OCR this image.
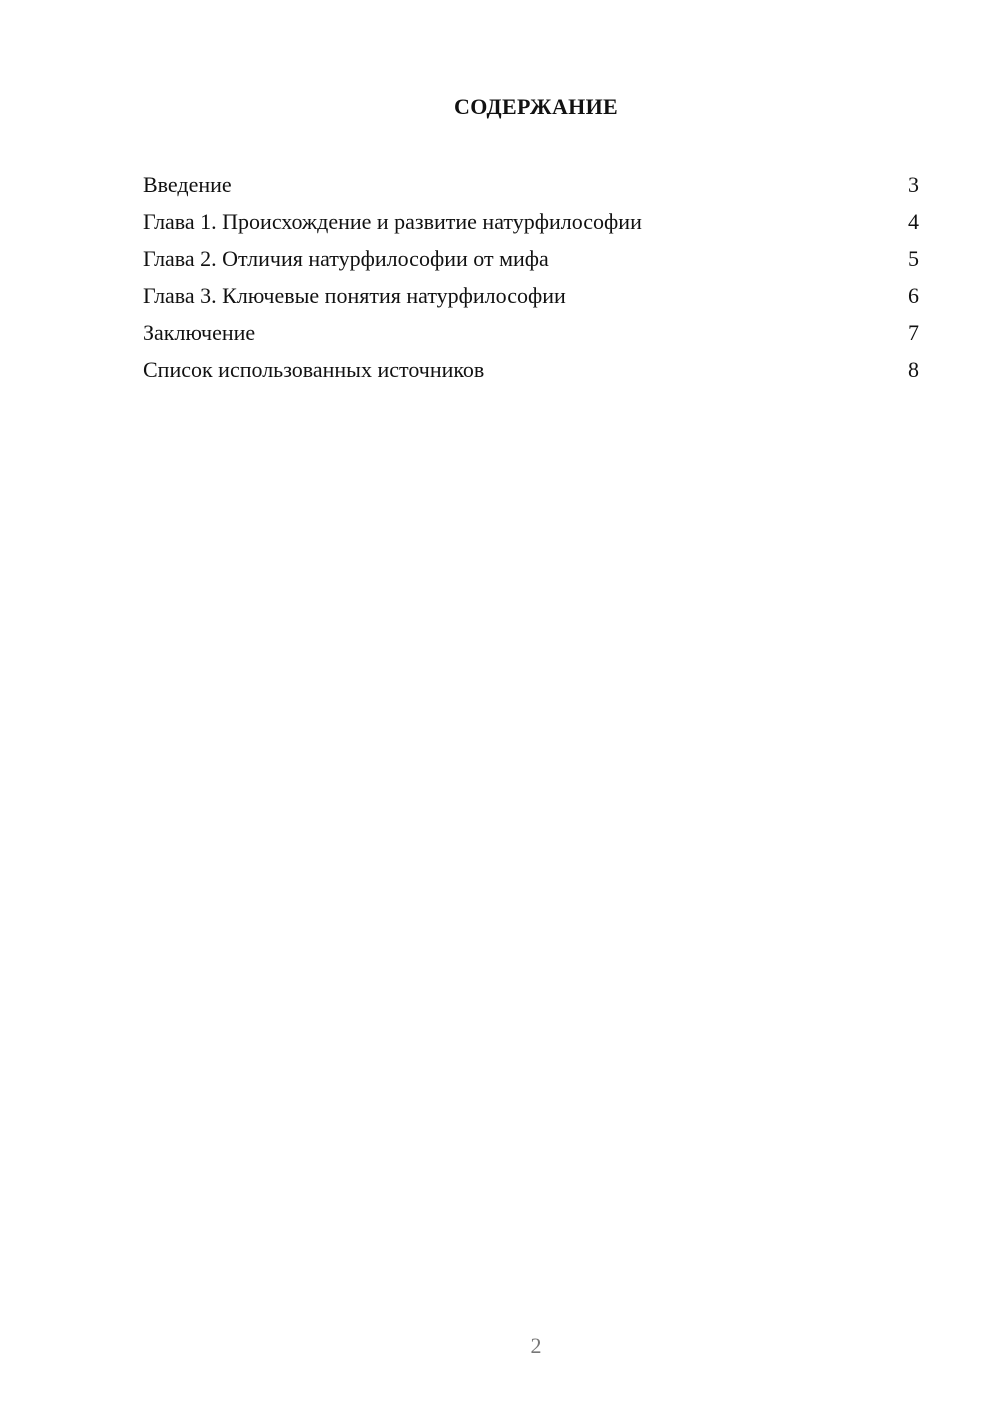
СОДЕРЖАНИЕ
Введение	3
Глава 1. Происхождение и развитие натурфилософии	4
Глава 2. Отличия натурфилософии от мифа	5
Глава 3. Ключевые понятия натурфилософии	6
Заключение	7
Список использованных источников	8
2
